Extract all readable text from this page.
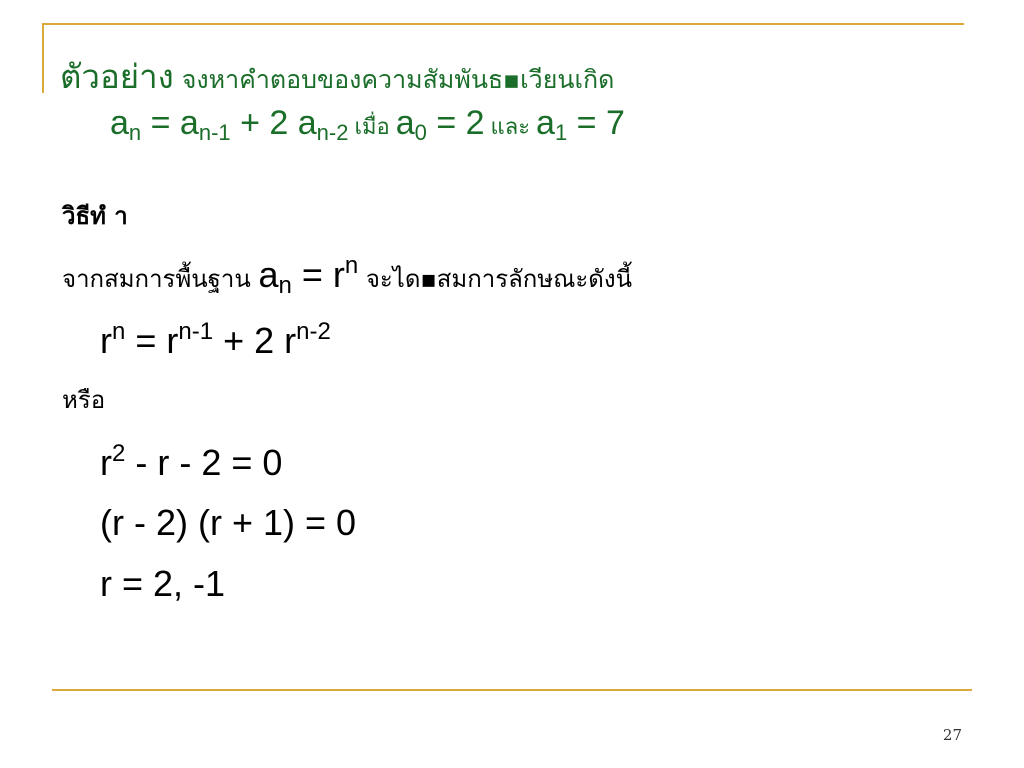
ตัวอย่าง จงหาคำตอบของความสัมพันธ▪เวียนเกิด
$a_n = a_{n-1} + 2$ $a_{n-2}$ เมื่อ $a_0 = 2$ และ $a_1 = 7$
วิธีทํ า
จากสมการพื้นฐาน $a_n = r^n$ จะได▪สมการลักษณะดังนี้
$r^n = r^{n-1} + 2$ $r^{n-2}$
หรือ
$r^2 - r - 2 = 0$
(r - 2) (r + 1) = 0
r = 2, -1
27
